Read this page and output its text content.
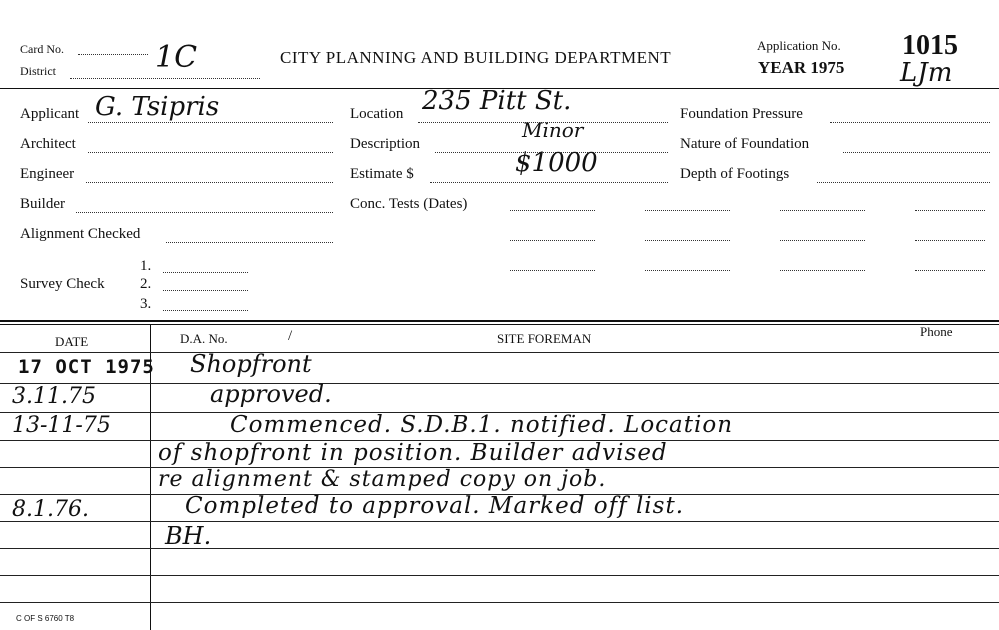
Card No.	1C
District
CITY PLANNING AND BUILDING DEPARTMENT
Application No. 1015
YEAR 1975 LJm
Applicant G. Tsipris
Architect
Engineer
Builder
Alignment Checked
Survey Check
1.
2.
3.
Location 235 Pitt St.
Description
Minor
Estimate $	$1000
Conc. Tests (Dates)
Foundation Pressure
Nature of Foundation
Depth of Footings
DATE	D.A. No.	/	SITE FOREMAN	Phone
17 OCT 1975 Shopfront
3.11.75	approved.
13-11-75	Commenced. S.D.B.1. notified. Location
of shopfront in position. Builder advised
re alignment & stamped copy on job.
8.1.76.	Completed to approval. Marked off list.
BH.
C OF S 6760 T8
